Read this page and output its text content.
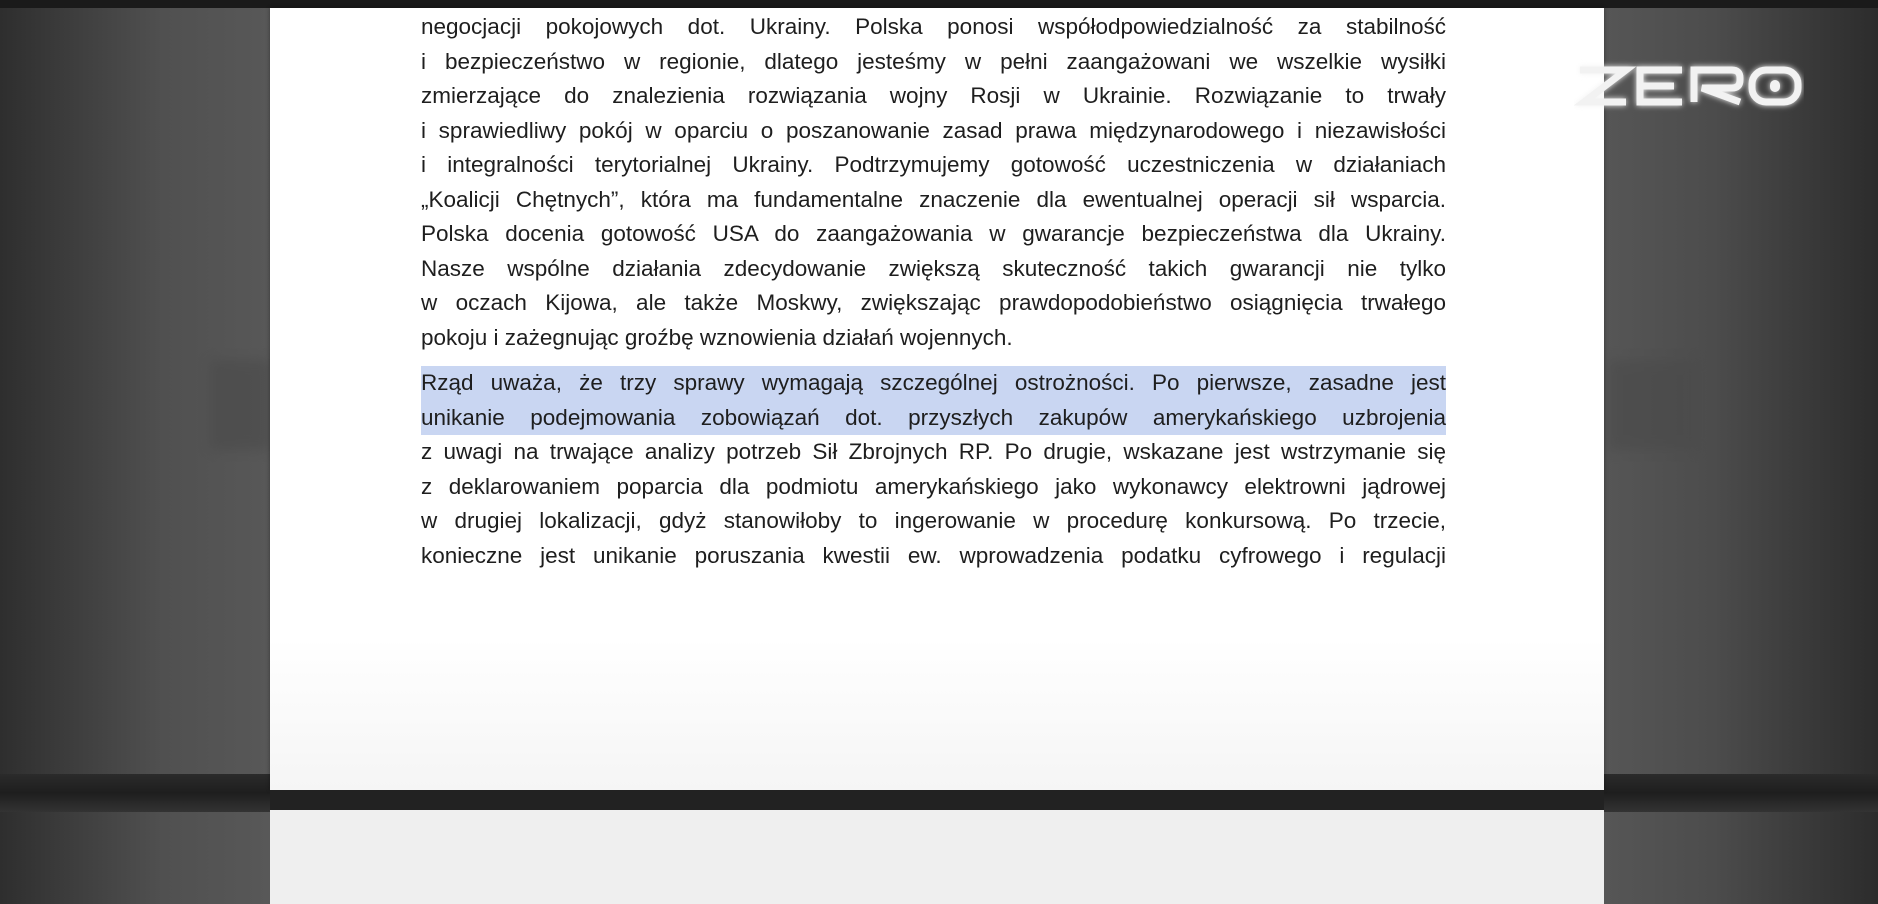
negocjacji pokojowych dot. Ukrainy. Polska ponosi współodpowiedzialność za stabilność
i bezpieczeństwo w regionie, dlatego jesteśmy w pełni zaangażowani we wszelkie wysiłki
zmierzające do znalezienia rozwiązania wojny Rosji w Ukrainie. Rozwiązanie to trwały
i sprawiedliwy pokój w oparciu o poszanowanie zasad prawa międzynarodowego i niezawisłości
i integralności terytorialnej Ukrainy. Podtrzymujemy gotowość uczestniczenia w działaniach
„Koalicji Chętnych”, która ma fundamentalne znaczenie dla ewentualnej operacji sił wsparcia.
Polska docenia gotowość USA do zaangażowania w gwarancje bezpieczeństwa dla Ukrainy.
Nasze wspólne działania zdecydowanie zwiększą skuteczność takich gwarancji nie tylko
w oczach Kijowa, ale także Moskwy, zwiększając prawdopodobieństwo osiągnięcia trwałego
pokoju i zażegnując groźbę wznowienia działań wojennych.
Rząd uważa, że trzy sprawy wymagają szczególnej ostrożności. Po pierwsze, zasadne jest
unikanie podejmowania zobowiązań dot. przyszłych zakupów amerykańskiego uzbrojenia
z uwagi na trwające analizy potrzeb Sił Zbrojnych RP. Po drugie, wskazane jest wstrzymanie się
z deklarowaniem poparcia dla podmiotu amerykańskiego jako wykonawcy elektrowni jądrowej
w drugiej lokalizacji, gdyż stanowiłoby to ingerowanie w procedurę konkursową. Po trzecie,
konieczne jest unikanie poruszania kwestii ew. wprowadzenia podatku cyfrowego i regulacji
